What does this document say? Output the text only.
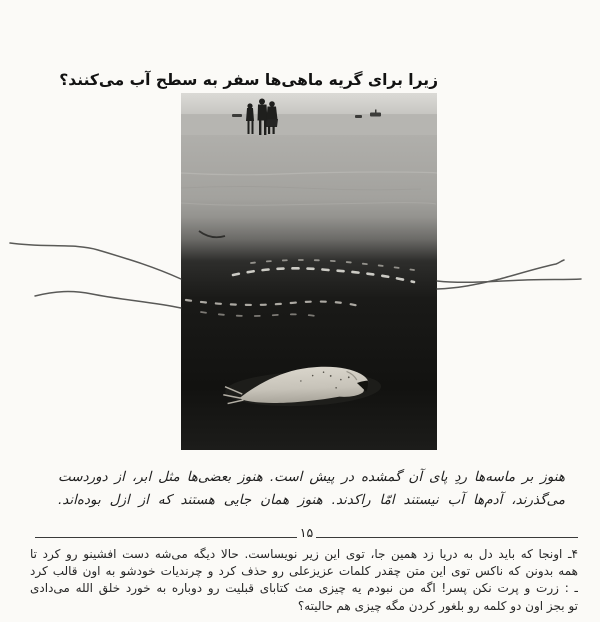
زیرا برای گریه ماهی‌ها سفر به سطح آب می‌کنند؟
هنوز بر ماسه‌ها ردِ پای آن گمشده در پیش است. هنوز بعضی‌ها مثل ابر، از دوردست
می‌گذرند، آدم‌ها آب نیستند امّا راکدند. هنوز همان جایی هستند که از ازل بوده‌اند.
۱۵
۴ـ اونجا که باید دل به دریا زد همین جا، توی این زیر نویساست. حالا دیگه می‌شه دست افشینو رو کرد تا
همه بدونن که ناکس توی این متن چقدر کلمات عزیزعلی رو حذف کرد و چرندیات خودشو به اون قالب کرد
ـ : زرت و پرت نکن پسر! اگه من نبودم یه چیزی مث کتابای قبلیت رو دوباره به خورد خلق الله می‌دادی
تو بجز اون دو کلمه رو بلغور کردن مگه چیزی هم حالیته؟
